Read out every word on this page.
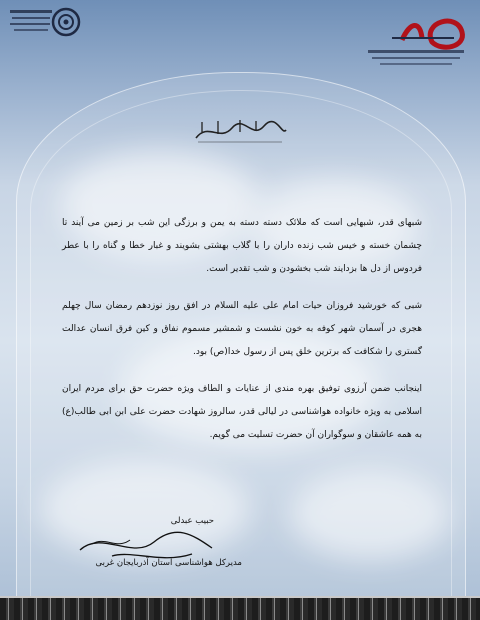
شبهای قدر، شبهایی است که ملائک دسته دسته به یمن و برزگی این شب بر زمین می آیند تا چشمان خسته و خیس شب زنده داران را با گلاب بهشتی بشویند و غبار خطا و گناه را با عطر فردوس از دل ها بزدایند شب بخشودن و شب تقدیر است.

شبی که خورشید فروزان حیات امام علی علیه السلام در افق روز نوزدهم رمضان سال چهلم هجری در آسمان شهر کوفه به خون نشست و شمشیر مسموم نفاق و کین فرق انسان عدالت گستری را شکافت که برترین خلق پس از رسول خدا(ص) بود.

اینجانب ضمن آرزوی توفیق بهره مندی از عنایات و الطاف ویژه حضرت حق برای مردم ایران اسلامی به ویژه خانواده هواشناسی در لیالی قدر، سالروز شهادت حضرت علی ابن ابی طالب(ع) به همه عاشقان و سوگواران آن حضرت تسلیت می گویم.

حبیب عبدلی
مدیرکل هواشناسی استان آذربایجان غربی
